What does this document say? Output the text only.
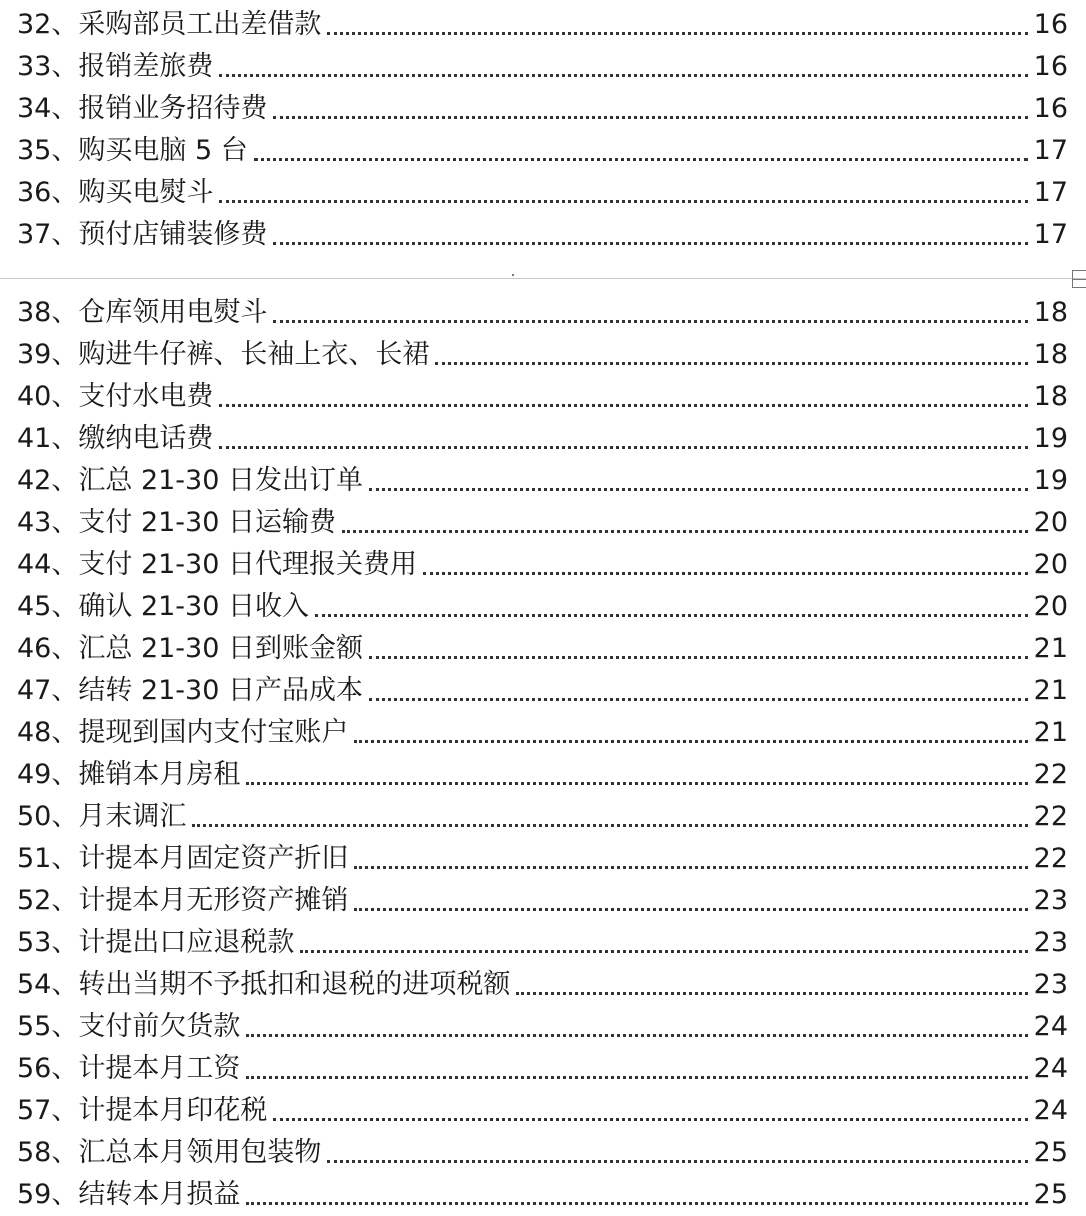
32、 采购部员工出差借款	16
33、 报销差旅费	16
34、 报销业务招待费	16
35、 购买电脑 5 台	17
36、 购买电熨斗	17
37、 预付店铺装修费	17
38、 仓库领用电熨斗	18
39、 购进牛仔裤、长袖上衣、长裙	18
40、 支付水电费	18
41、 缴纳电话费	19
42、 汇总 21-30 日发出订单	19
43、 支付 21-30 日运输费	20
44、 支付 21-30 日代理报关费用	20
45、 确认 21-30 日收入	20
46、 汇总 21-30 日到账金额	21
47、 结转 21-30 日产品成本	21
48、 提现到国内支付宝账户	21
49、 摊销本月房租	22
50、 月末调汇	22
51、 计提本月固定资产折旧	22
52、 计提本月无形资产摊销	23
53、 计提出口应退税款	23
54、 转出当期不予抵扣和退税的进项税额	23
55、 支付前欠货款	24
56、 计提本月工资	24
57、 计提本月印花税	24
58、 汇总本月领用包装物	25
59、 结转本月损益	25
